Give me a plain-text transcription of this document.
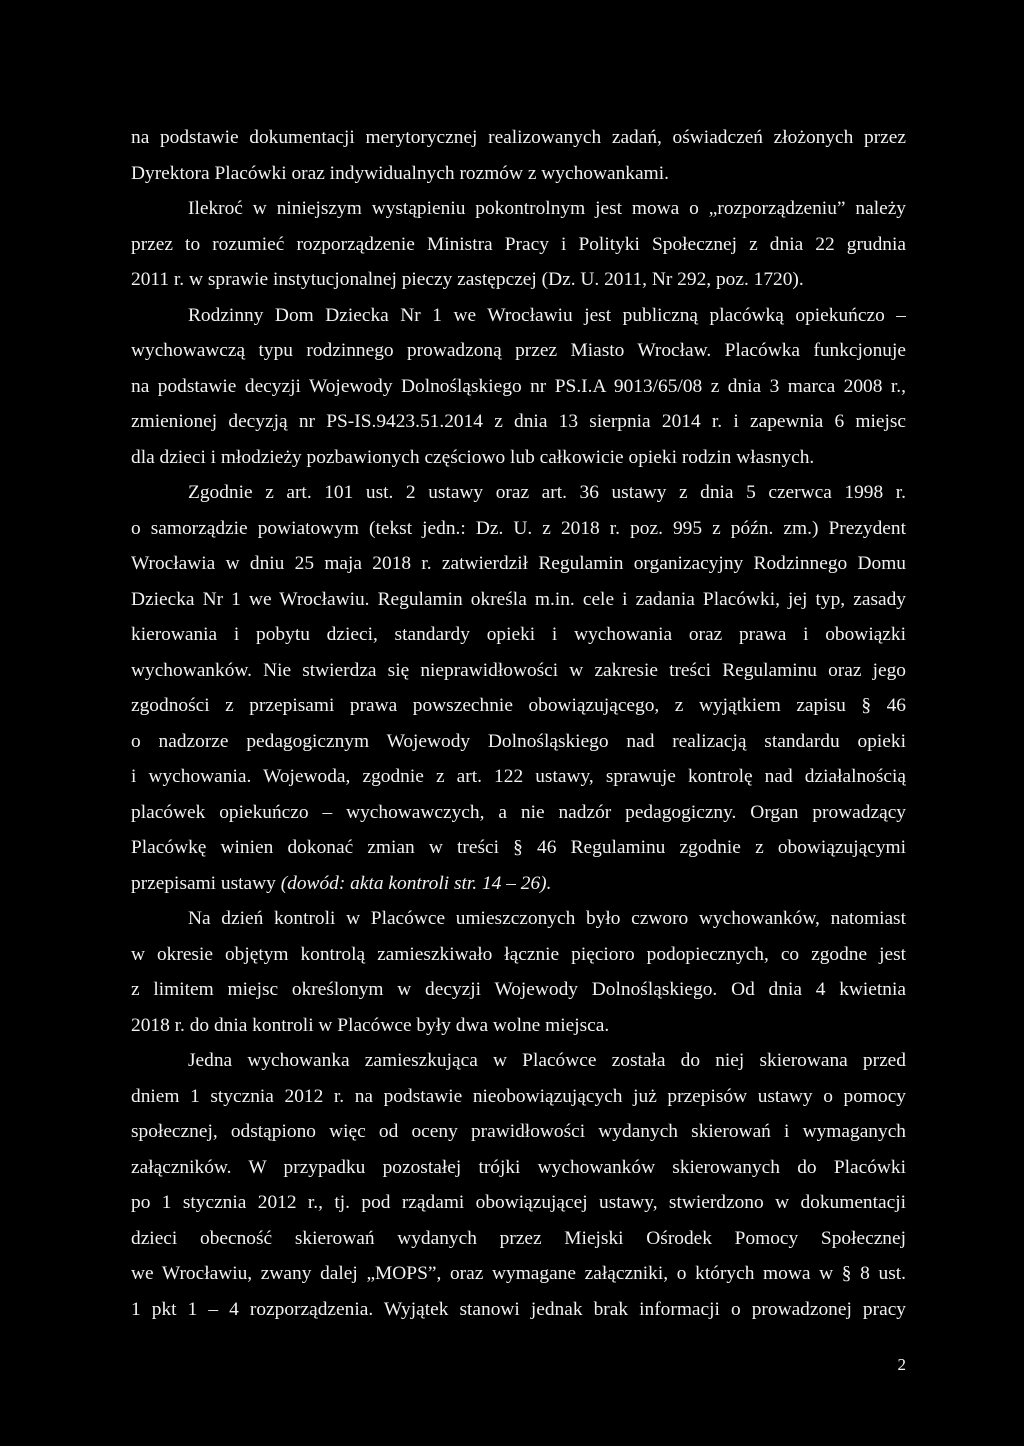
na podstawie dokumentacji merytorycznej realizowanych zadań, oświadczeń złożonych przez
Dyrektora Placówki oraz indywidualnych rozmów z wychowankami.
Ilekroć w niniejszym wystąpieniu pokontrolnym jest mowa o „rozporządzeniu” należy
przez to rozumieć rozporządzenie Ministra Pracy i Polityki Społecznej z dnia 22 grudnia
2011 r. w sprawie instytucjonalnej pieczy zastępczej (Dz. U. 2011, Nr 292, poz. 1720).
Rodzinny Dom Dziecka Nr 1 we Wrocławiu jest publiczną placówką opiekuńczo –
wychowawczą typu rodzinnego prowadzoną przez Miasto Wrocław. Placówka funkcjonuje
na podstawie decyzji Wojewody Dolnośląskiego nr PS.I.A 9013/65/08 z dnia 3 marca 2008 r.,
zmienionej decyzją nr PS-IS.9423.51.2014 z dnia 13 sierpnia 2014 r. i zapewnia 6 miejsc
dla dzieci i młodzieży pozbawionych częściowo lub całkowicie opieki rodzin własnych.
Zgodnie z art. 101 ust. 2 ustawy oraz art. 36 ustawy z dnia 5 czerwca 1998 r.
o samorządzie powiatowym (tekst jedn.: Dz. U. z 2018 r. poz. 995 z późn. zm.) Prezydent
Wrocławia w dniu 25 maja 2018 r. zatwierdził Regulamin organizacyjny Rodzinnego Domu
Dziecka Nr 1 we Wrocławiu. Regulamin określa m.in. cele i zadania Placówki, jej typ, zasady
kierowania i pobytu dzieci, standardy opieki i wychowania oraz prawa i obowiązki
wychowanków. Nie stwierdza się nieprawidłowości w zakresie treści Regulaminu oraz jego
zgodności z przepisami prawa powszechnie obowiązującego, z wyjątkiem zapisu § 46
o nadzorze pedagogicznym Wojewody Dolnośląskiego nad realizacją standardu opieki
i wychowania. Wojewoda, zgodnie z art. 122 ustawy, sprawuje kontrolę nad działalnością
placówek opiekuńczo – wychowawczych, a nie nadzór pedagogiczny. Organ prowadzący
Placówkę winien dokonać zmian w treści § 46 Regulaminu zgodnie z obowiązującymi
przepisami ustawy (dowód: akta kontroli str. 14 – 26).
Na dzień kontroli w Placówce umieszczonych było czworo wychowanków, natomiast
w okresie objętym kontrolą zamieszkiwało łącznie pięcioro podopiecznych, co zgodne jest
z limitem miejsc określonym w decyzji Wojewody Dolnośląskiego. Od dnia 4 kwietnia
2018 r. do dnia kontroli w Placówce były dwa wolne miejsca.
Jedna wychowanka zamieszkująca w Placówce została do niej skierowana przed
dniem 1 stycznia 2012 r. na podstawie nieobowiązujących już przepisów ustawy o pomocy
społecznej, odstąpiono więc od oceny prawidłowości wydanych skierowań i wymaganych
załączników. W przypadku pozostałej trójki wychowanków skierowanych do Placówki
po 1 stycznia 2012 r., tj. pod rządami obowiązującej ustawy, stwierdzono w dokumentacji
dzieci obecność skierowań wydanych przez Miejski Ośrodek Pomocy Społecznej
we Wrocławiu, zwany dalej „MOPS”, oraz wymagane załączniki, o których mowa w § 8 ust.
1 pkt 1 – 4 rozporządzenia. Wyjątek stanowi jednak brak informacji o prowadzonej pracy
2
